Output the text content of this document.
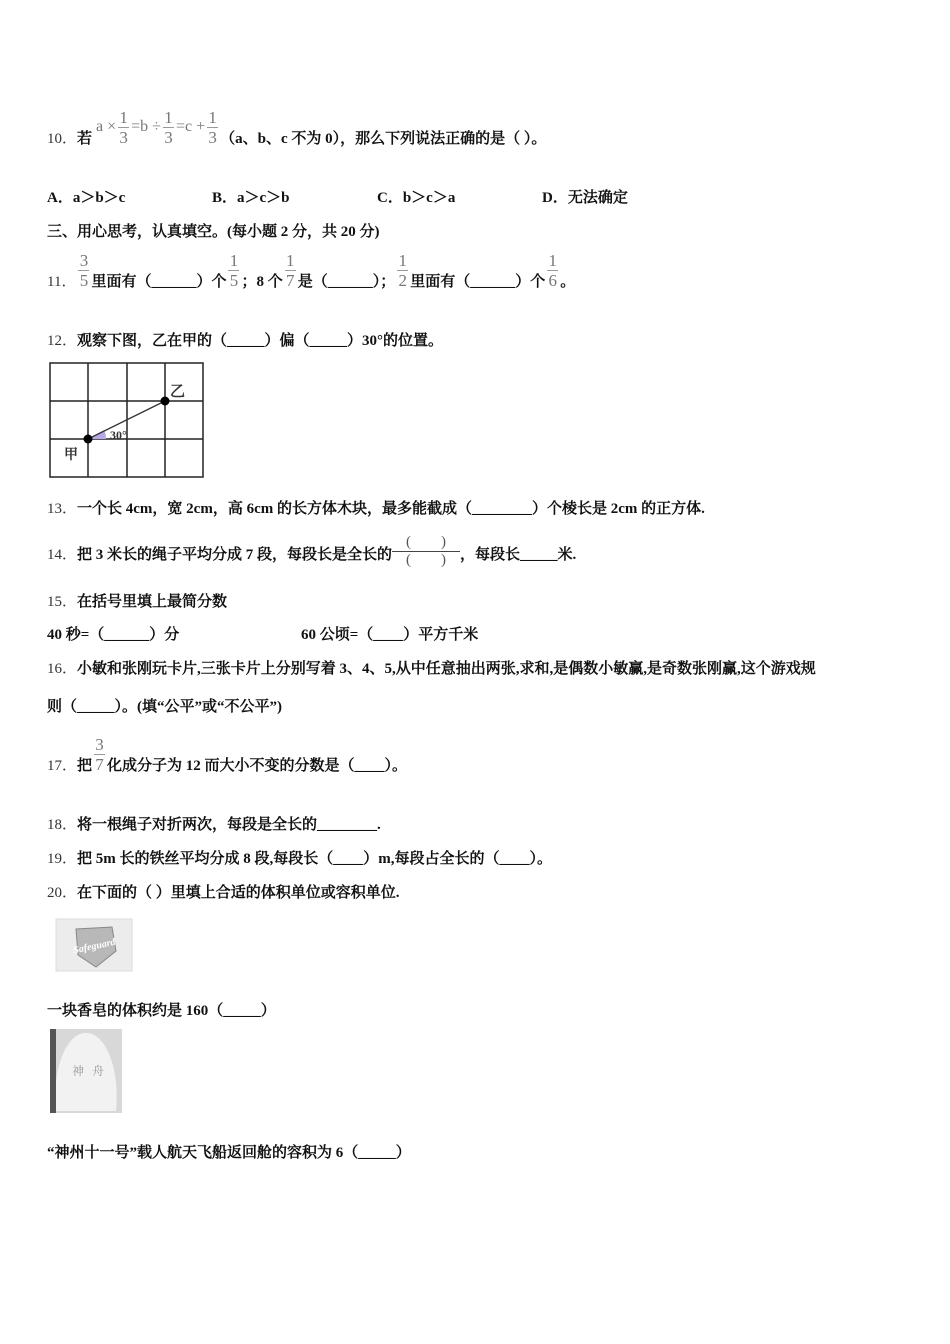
10． 若
$a \times \frac{1}{3} =b \div \frac{1}{3} =c + \frac{1}{3} (a$、b、c 不为 0），那么下列说法正确的是（ ）。
A．a＞b＞c	B．a＞c＞b	C．b＞c＞a	D．无法确定
三、用心思考，认真填空。(每小题 2 分，共 20 分)
11． $\frac{3}{5}$ 里面有（______）个 $\frac{1}{5}$ ；8 个 $\frac{1}{7}$ 是（______）； $\frac{1}{2}$ 里面有（______）个 $\frac{1}{6}$ 。
12． 观察下图，乙在甲的（_____）偏（_____）30°的位置。
甲
乙
30°
13． 一个长 4cm，宽 2cm，高 6cm 的长方体木块，最多能截成（________）个棱长是 2cm 的正方体.
14． 把 3 米长的绳子平均分成 7 段，每段长是全长的
(        )
(        ) ，每段长_____米.
15． 在括号里填上最简分数
40 秒=（______）分	60 公顷=（____）平方千米
16． 小敏和张刚玩卡片,三张卡片上分别写着 3、4、5,从中任意抽出两张,求和,是偶数小敏赢,是奇数张刚赢,这个游戏规
则（_____）。(填“公平”或“不公平”)
17． 把 $\frac{3}{7}$ 化成分子为 12 而大小不变的分数是（____）。
18． 将一根绳子对折两次，每段是全长的________.
19． 把 5m 长的铁丝平均分成 8 段,每段长（____）m,每段占全长的（____）。
20． 在下面的（ ）里填上合适的体积单位或容积单位.
Safeguard
一块香皂的体积约是 160（_____）
神 舟
“神州十一号”载人航天飞船返回舱的容积为 6（_____）
